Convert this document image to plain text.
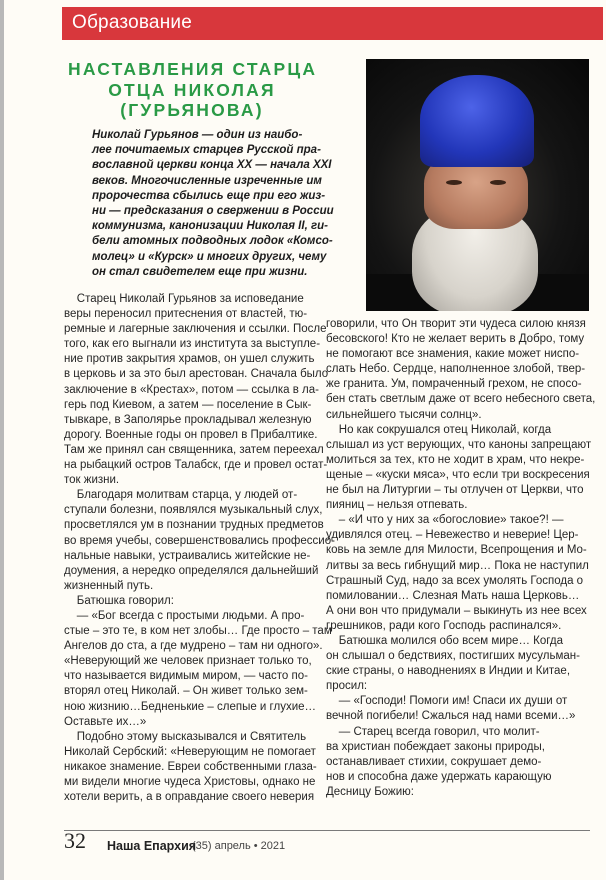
Образование
НАСТАВЛЕНИЯ СТАРЦА
ОТЦА НИКОЛАЯ
(ГУРЬЯНОВА)
Николай Гурьянов — один из наибо-
лее почитаемых старцев Русской пра-
вославной церкви конца XX — начала XXI
веков. Многочисленные изреченные им
пророчества сбылись еще при его жиз-
ни — предсказания о свержении в России
коммунизма, канонизации Николая II, ги-
бели атомных подводных лодок «Комсо-
молец» и «Курск» и многих других, чему
он стал свидетелем еще при жизни.
Старец Николай Гурьянов за исповедание
веры переносил притеснения от властей, тю-
ремные и лагерные заключения и ссылки. После
того, как его выгнали из института за выступле-
ние против закрытия храмов, он ушел служить
в церковь и за это был арестован. Сначала было
заключение в «Крестах», потом — ссылка в ла-
герь под Киевом, а затем — поселение в Сык-
тывкаре, в Заполярье прокладывал железную
дорогу. Военные годы он провел в Прибалтике.
Там же принял сан священника, затем переехал
на рыбацкий остров Талабск, где и провел остат-
ток жизни.
Благодаря молитвам старца, у людей от-
ступали болезни, появлялся музыкальный слух,
просветлялся ум в познании трудных предметов
во время учебы, совершенствовались профессио-
нальные навыки, устраивались житейские не-
доумения, а нередко определялся дальнейший
жизненный путь.
Батюшка говорил:
— «Бог всегда с простыми людьми. А про-
стые – это те, в ком нет злобы… Где просто – там
Ангелов до ста, а где мудрено – там ни одного».
«Неверующий же человек признает только то,
что называется видимым миром, — часто по-
вторял отец Николай. – Он живет только зем-
ною жизнию…Бедненькие – слепые и глухие…
Оставьте их…»
Подобно этому высказывался и Святитель
Николай Сербский: «Неверующим не помогает
никакое знамение. Евреи собственными глаза-
ми видели многие чудеса Христовы, однако не
хотели верить, а в оправдание своего неверия
говорили, что Он творит эти чудеса силою князя
бесовского! Кто не желает верить в Добро, тому
не помогают все знамения, какие может ниспо-
слать Небо. Сердце, наполненное злобой, твер-
же гранита. Ум, помраченный грехом, не спосо-
бен стать светлым даже от всего небесного света,
сильнейшего тысячи солнц».
Но как сокрушался отец Николай, когда
слышал из уст верующих, что каноны запрещают
молиться за тех, кто не ходит в храм, что некре-
щеные – «куски мяса», что если три воскресения
не был на Литургии – ты отлучен от Церкви, что
пияниц – нельзя отпевать.
– «И что у них за «богословие» такое?! —
удивлялся отец. – Невежество и неверие! Цер-
ковь на земле для Милости, Всепрощения и Мо-
литвы за весь гибнущий мир… Пока не наступил
Страшный Суд, надо за всех умолять Господа о
помиловании… Слезная Мать наша Церковь…
А они вон что придумали – выкинуть из нее всех
грешников, ради кого Господь распинался».
Батюшка молился обо всем мире… Когда
он слышал о бедствиях, постигших мусульман-
ские страны, о наводнениях в Индии и Китае,
просил:
— «Господи! Помоги им! Спаси их души от
вечной погибели! Сжалься над нами всеми…»
— Старец всегда говорил, что молит-
ва христиан побеждает законы природы,
останавливает стихии, сокрушает демо-
нов и способна даже удержать карающую
Десницу Божию:
32 Наша Епархия
(35) апрель • 2021
